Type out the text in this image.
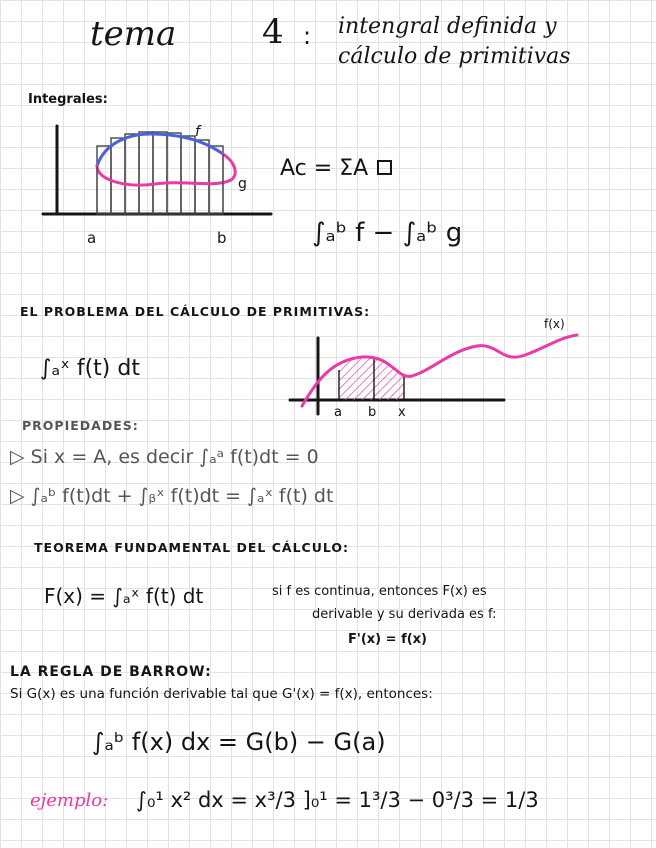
tema	4 : intengral definida y
cálculo de primitivas
Integrales:
f
g
a	b
Ac = ΣA
∫ₐᵇ f − ∫ₐᵇ g
EL PROBLEMA DEL CÁLCULO DE PRIMITIVAS:
∫ₐˣ f(t) dt
f(x)
a b x
PROPIEDADES:
▷ Si x = A, es decir ∫ₐᵃ f(t)dt = 0
▷ ∫ₐᵇ f(t)dt + ∫ᵦˣ f(t)dt = ∫ₐˣ f(t) dt
TEOREMA FUNDAMENTAL DEL CÁLCULO:
F(x) = ∫ₐˣ f(t) dt	si f es continua, entonces F(x) es
derivable y su derivada es f:
F'(x) = f(x)
LA REGLA DE BARROW:
Si G(x) es una función derivable tal que G'(x) = f(x), entonces:
∫ₐᵇ f(x) dx = G(b) − G(a)
ejemplo: ∫₀¹ x² dx = x³/3 ]₀¹ = 1³/3 − 0³/3 = 1/3
